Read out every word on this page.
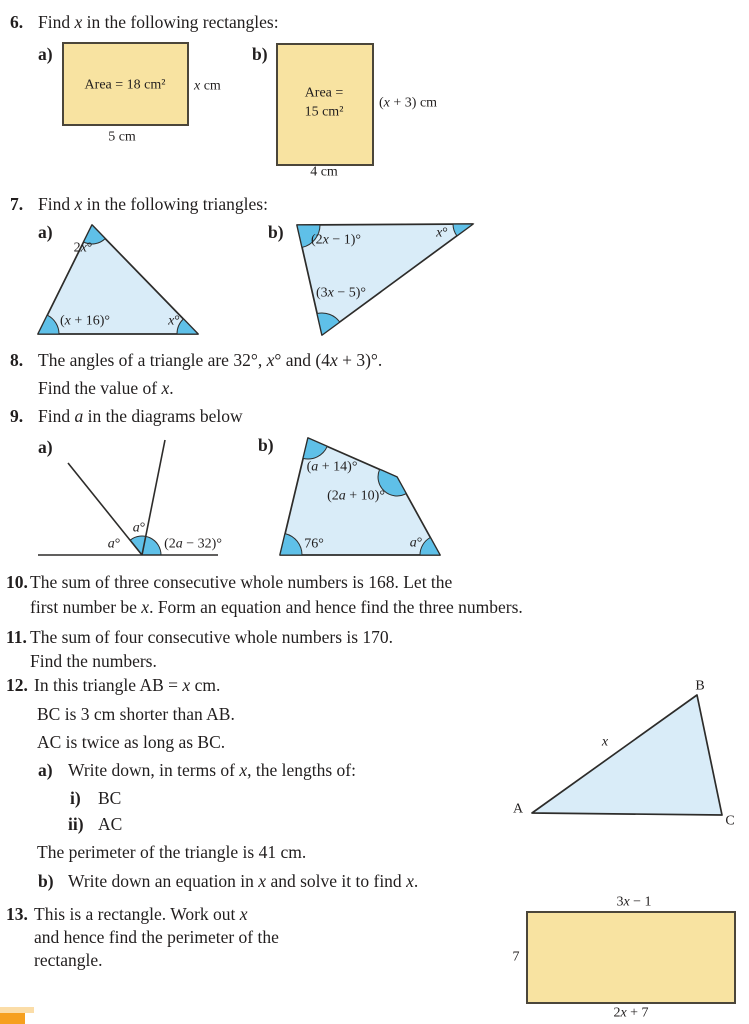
6. Find x in the following rectangles:
a)
Area = 18 cm² x cm
5 cm
b)
Area =
15 cm²
(x + 3) cm
4 cm
7. Find x in the following triangles:
a)
2x°
(x + 16)°	x°
b) (2x − 1)°	x°
(3x − 5)°
8. The angles of a triangle are 32°, x° and (4x + 3)°.
Find the value of x.
9. Find a in the diagrams below
a)
a°
a°
(2a − 32)°
b)
(a + 14)°
(2a + 10)°
76°	a°
10. The sum of three consecutive whole numbers is 168. Let the
first number be x. Form an equation and hence find the three numbers.
11. The sum of four consecutive whole numbers is 170.
Find the numbers.
12. In this triangle AB = x cm.
BC is 3 cm shorter than AB.
AC is twice as long as BC.
a) Write down, in terms of x, the lengths of:
i) BC
ii) AC
The perimeter of the triangle is 41 cm.
b) Write down an equation in x and solve it to find x.
A
B
C
x
13. This is a rectangle. Work out x
and hence find the perimeter of the
rectangle.
3x − 1
7
2x + 7
